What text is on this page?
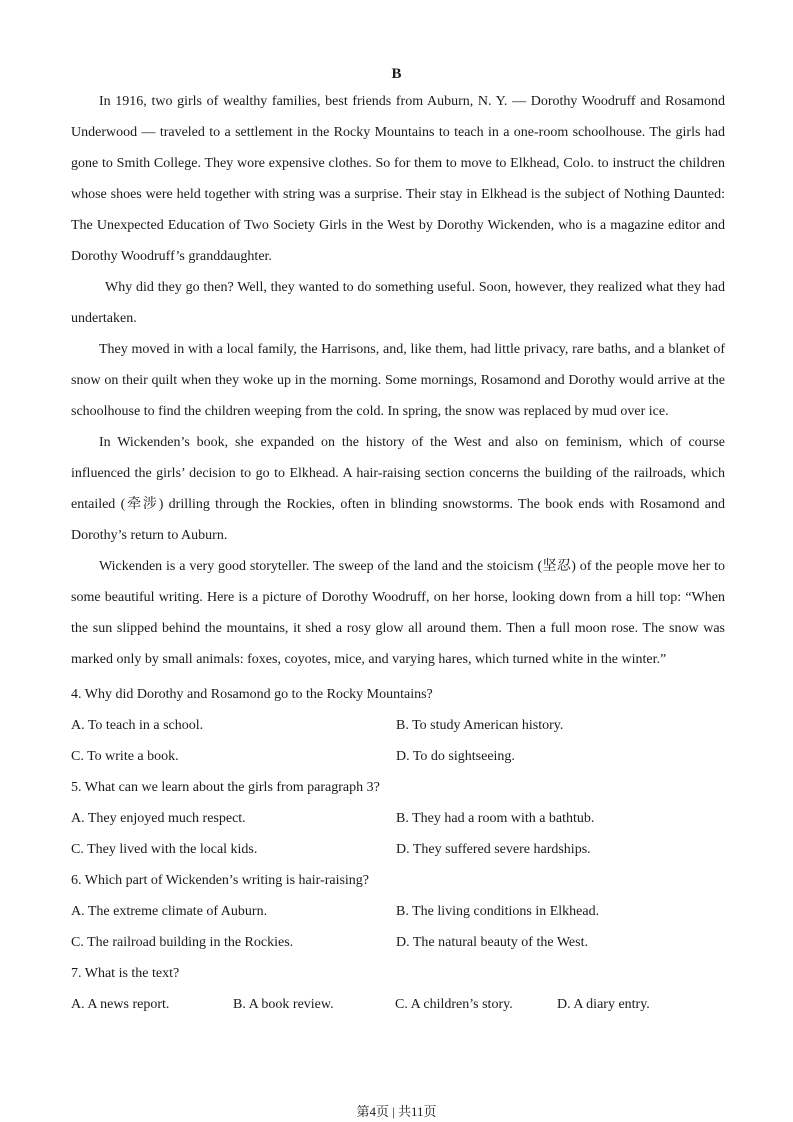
B

In 1916, two girls of wealthy families, best friends from Auburn, N. Y. — Dorothy Woodruff and Rosamond Underwood — traveled to a settlement in the Rocky Mountains to teach in a one-room schoolhouse. The girls had gone to Smith College. They wore expensive clothes. So for them to move to Elkhead, Colo. to instruct the children whose shoes were held together with string was a surprise. Their stay in Elkhead is the subject of Nothing Daunted: The Unexpected Education of Two Society Girls in the West by Dorothy Wickenden, who is a magazine editor and Dorothy Woodruff’s granddaughter.

Why did they go then? Well, they wanted to do something useful. Soon, however, they realized what they had undertaken.

They moved in with a local family, the Harrisons, and, like them, had little privacy, rare baths, and a blanket of snow on their quilt when they woke up in the morning. Some mornings, Rosamond and Dorothy would arrive at the schoolhouse to find the children weeping from the cold. In spring, the snow was replaced by mud over ice.

In Wickenden’s book, she expanded on the history of the West and also on feminism, which of course influenced the girls’ decision to go to Elkhead. A hair-raising section concerns the building of the railroads, which entailed (牵涉) drilling through the Rockies, often in blinding snowstorms. The book ends with Rosamond and Dorothy’s return to Auburn.

Wickenden is a very good storyteller. The sweep of the land and the stoicism (坚忍) of the people move her to some beautiful writing. Here is a picture of Dorothy Woodruff, on her horse, looking down from a hill top: “When the sun slipped behind the mountains, it shed a rosy glow all around them. Then a full moon rose. The snow was marked only by small animals: foxes, coyotes, mice, and varying hares, which turned white in the winter.”

4. Why did Dorothy and Rosamond go to the Rocky Mountains?

A. To teach in a school.	B. To study American history.
C. To write a book.	D. To do sightseeing.

5. What can we learn about the girls from paragraph 3?

A. They enjoyed much respect.	B. They had a room with a bathtub.
C. They lived with the local kids.	D. They suffered severe hardships.

6. Which part of Wickenden’s writing is hair-raising?

A. The extreme climate of Auburn.	B. The living conditions in Elkhead.
C. The railroad building in the Rockies.	D. The natural beauty of the West.

7. What is the text?

A. A news report.	B. A book review.	C. A children’s story.	D. A diary entry.
第4页 | 共11页
